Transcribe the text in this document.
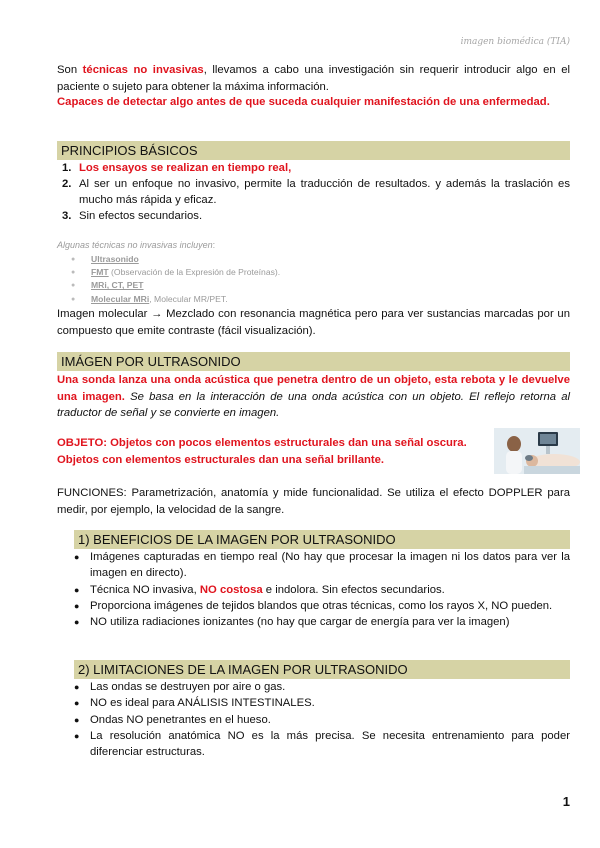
imagen biomédica (TIA)
Son técnicas no invasivas, llevamos a cabo una investigación sin requerir introducir algo en el paciente o sujeto para obtener la máxima información.
Capaces de detectar algo antes de que suceda cualquier manifestación de una enfermedad.
PRINCIPIOS BÁSICOS
1. Los ensayos se realizan en tiempo real,
2. Al ser un enfoque no invasivo, permite la traducción de resultados. y además la traslación es mucho más rápida y eficaz.
3. Sin efectos secundarios.
Algunas técnicas no invasivas incluyen:
● Ultrasonido
● FMT (Observación de la Expresión de Proteínas).
● MRi, CT, PET
● Molecular MRi, Molecular MR/PET.
Imagen molecular → Mezclado con resonancia magnética pero para ver sustancias marcadas por un compuesto que emite contraste (fácil visualización).
IMÁGEN POR ULTRASONIDO
Una sonda lanza una onda acústica que penetra dentro de un objeto, esta rebota y le devuelve una imagen. Se basa en la interacción de una onda acústica con un objeto. El reflejo retorna al traductor de señal y se convierte en imagen.
OBJETO: Objetos con pocos elementos estructurales dan una señal oscura.
Objetos con elementos estructurales dan una señal brillante.
FUNCIONES: Parametrización, anatomía y mide funcionalidad. Se utiliza el efecto DOPPLER para medir, por ejemplo, la velocidad de la sangre.
1) BENEFICIOS DE LA IMAGEN POR ULTRASONIDO
● Imágenes capturadas en tiempo real (No hay que procesar la imagen ni los datos para ver la imagen en directo).
● Técnica NO invasiva, NO costosa e indolora. Sin efectos secundarios.
● Proporciona imágenes de tejidos blandos que otras técnicas, como los rayos X, NO pueden.
● NO utiliza radiaciones ionizantes (no hay que cargar de energía para ver la imagen)
2) LIMITACIONES DE LA IMAGEN POR ULTRASONIDO
● Las ondas se destruyen por aire o gas.
● NO es ideal para ANÁLISIS INTESTINALES.
● Ondas NO penetrantes en el hueso.
● La resolución anatómica NO es la más precisa. Se necesita entrenamiento para poder diferenciar estructuras.
1
